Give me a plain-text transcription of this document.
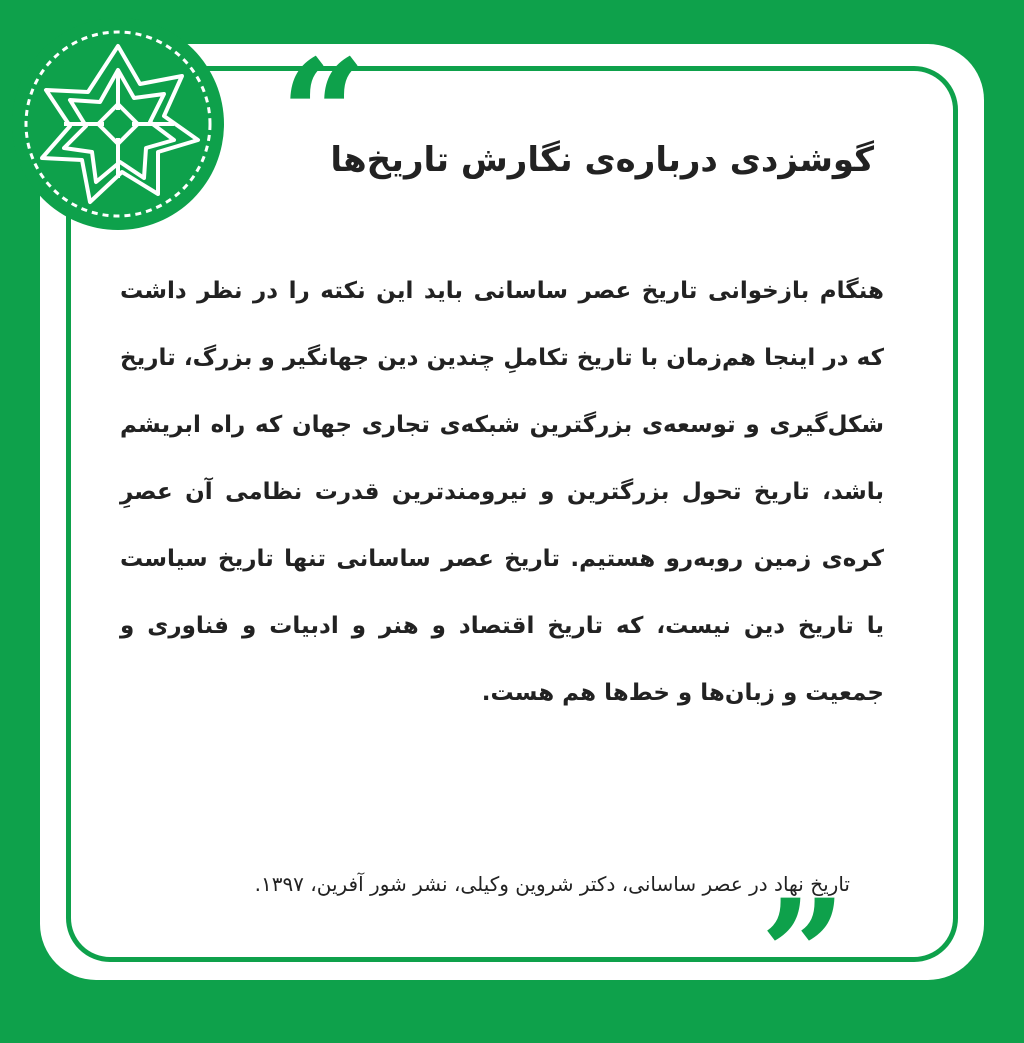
“
گوشزدی درباره‌ی نگارش تاریخ‌ها
هنگام بازخوانی تاریخ عصر ساسانی باید این نکته را در نظر داشت که در اینجا هم‌زمان با تاریخ تکاملِ چندین دین جهانگیر و بزرگ، تاریخ شکل‌گیری و توسعه‌ی بزرگترین شبکه‌ی تجاری جهان که راه ابریشم باشد، تاریخ تحول بزرگترین و نیرومندترین قدرت نظامی آن عصرِ کره‌ی زمین روبه‌رو هستیم. تاریخ عصر ساسانی تنها تاریخ سیاست یا تاریخ دین نیست، که تاریخ اقتصاد و هنر و ادبیات و فناوری و جمعیت و زبان‌ها و خط‌ها هم هست.
تاریخ نهاد در عصر ساسانی، دکتر شروین وکیلی، نشر شور آفرین، ۱۳۹۷.
”
